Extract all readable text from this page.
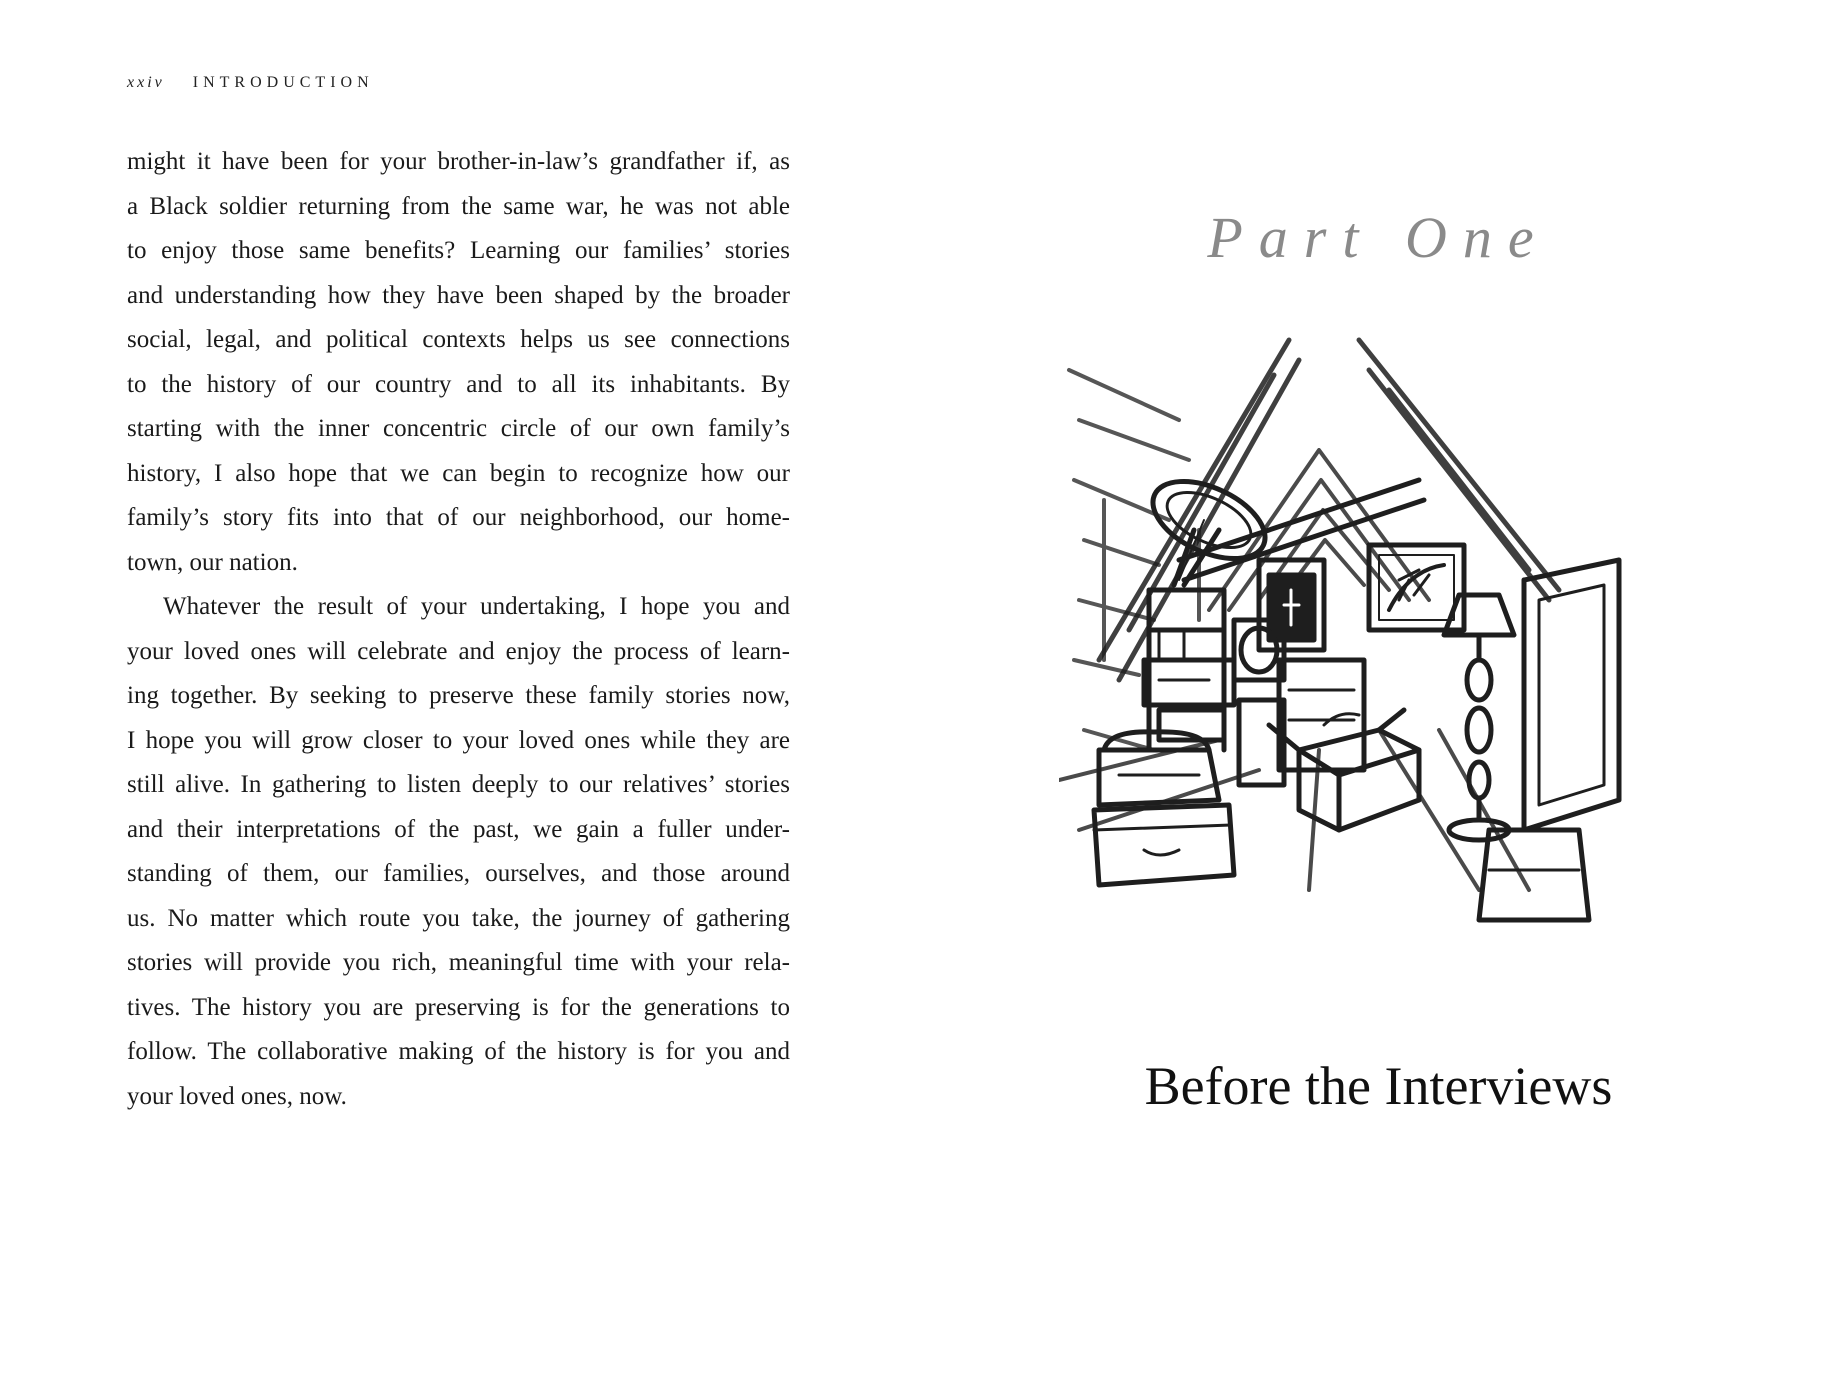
xxiv INTRODUCTION

might it have been for your brother-in-law’s grandfather if, as
a Black soldier returning from the same war, he was not able
to enjoy those same benefits? Learning our families’ stories
and understanding how they have been shaped by the broader
social, legal, and political contexts helps us see connections
to the history of our country and to all its inhabitants. By
starting with the inner concentric circle of our own family’s
history, I also hope that we can begin to recognize how our
family’s story fits into that of our neighborhood, our home-
town, our nation.

Whatever the result of your undertaking, I hope you and
your loved ones will celebrate and enjoy the process of learn-
ing together. By seeking to preserve these family stories now,
I hope you will grow closer to your loved ones while they are
still alive. In gathering to listen deeply to our relatives’ stories
and their interpretations of the past, we gain a fuller under-
standing of them, our families, ourselves, and those around
us. No matter which route you take, the journey of gathering
stories will provide you rich, meaningful time with your rela-
tives. The history you are preserving is for the generations to
follow. The collaborative making of the history is for you and
your loved ones, now.

Part One
Before the Interviews
